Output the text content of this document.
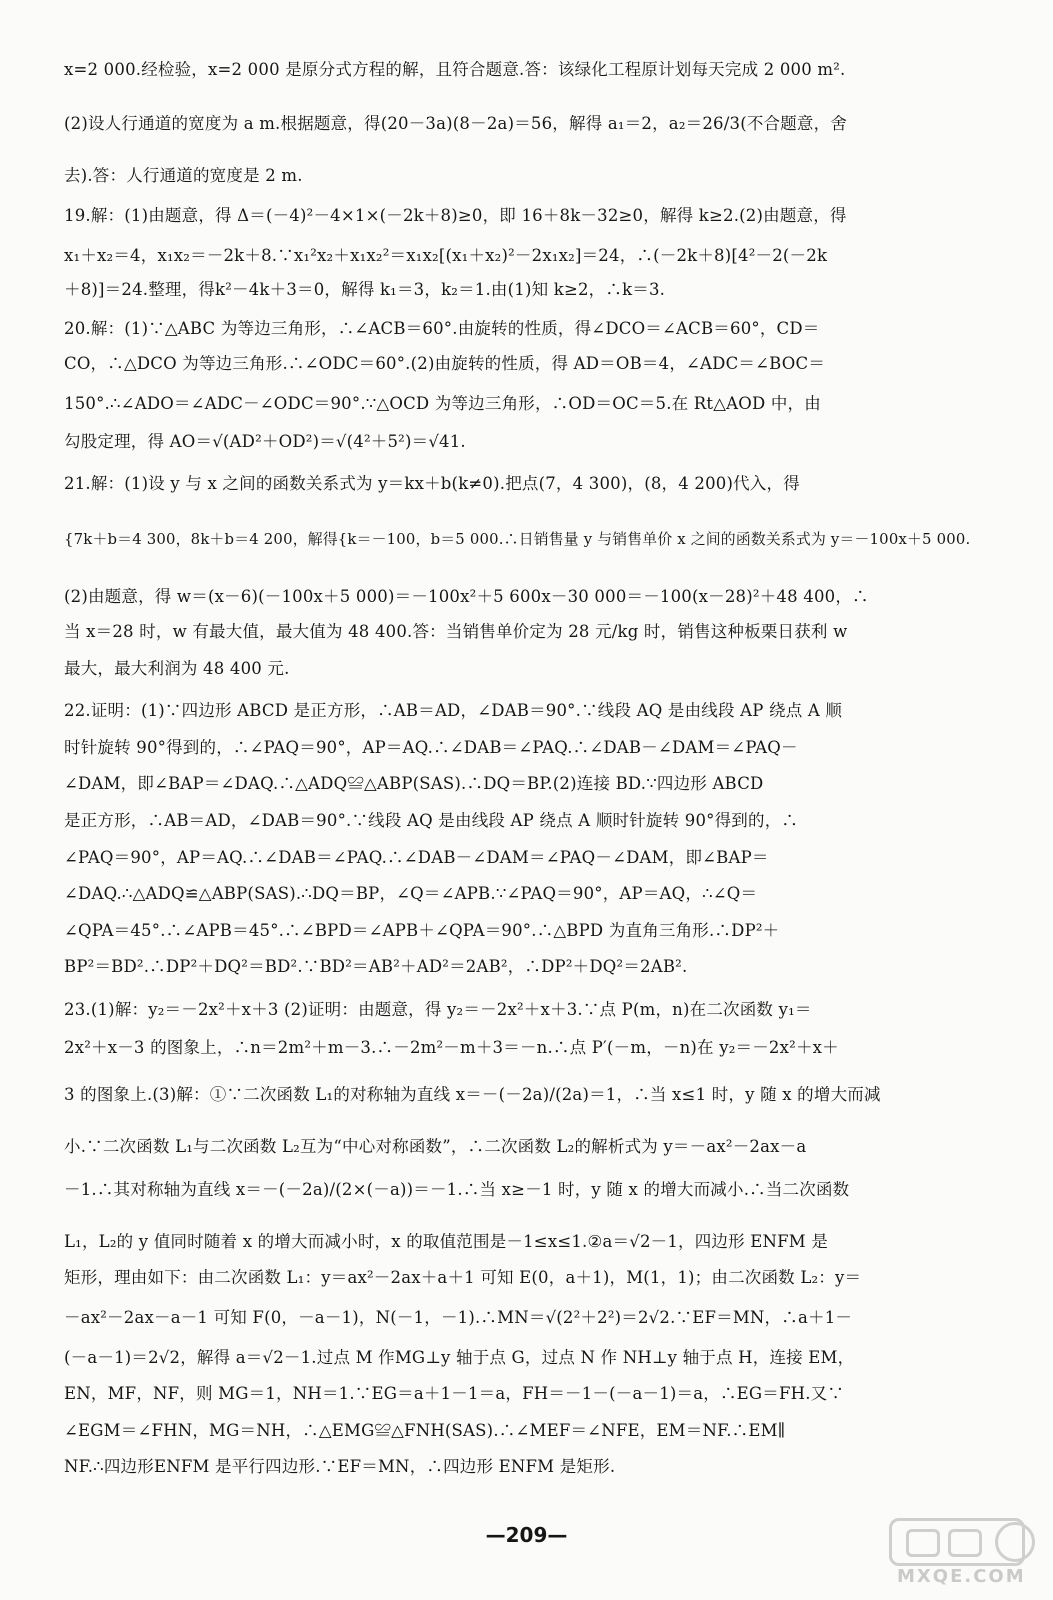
x=2 000.经检验，x=2 000 是原分式方程的解，且符合题意.答：该绿化工程原计划每天完成 2 000 m².
(2)设人行通道的宽度为 a m.根据题意，得(20－3a)(8－2a)＝56，解得 a₁＝2，a₂＝26/3(不合题意，舍
去).答：人行通道的宽度是 2 m.
19.解：(1)由题意，得 Δ＝(－4)²－4×1×(－2k＋8)≥0，即 16＋8k－32≥0，解得 k≥2.(2)由题意，得
x₁＋x₂＝4，x₁x₂＝－2k＋8.∵x₁²x₂＋x₁x₂²＝x₁x₂[(x₁＋x₂)²－2x₁x₂]＝24，∴(－2k＋8)[4²－2(－2k
＋8)]＝24.整理，得k²－4k＋3＝0，解得 k₁＝3，k₂＝1.由(1)知 k≥2，∴k＝3.
20.解：(1)∵△ABC 为等边三角形，∴∠ACB＝60°.由旋转的性质，得∠DCO＝∠ACB＝60°，CD＝
CO，∴△DCO 为等边三角形.∴∠ODC＝60°.(2)由旋转的性质，得 AD＝OB＝4，∠ADC＝∠BOC＝
150°.∴∠ADO＝∠ADC－∠ODC＝90°.∵△OCD 为等边三角形，∴OD＝OC＝5.在 Rt△AOD 中，由
勾股定理，得 AO＝√(AD²＋OD²)＝√(4²＋5²)＝√41.
21.解：(1)设 y 与 x 之间的函数关系式为 y＝kx＋b(k≠0).把点(7，4 300)，(8，4 200)代入，得
{7k＋b＝4 300，8k＋b＝4 200，解得{k＝－100，b＝5 000.∴日销售量 y 与销售单价 x 之间的函数关系式为 y＝－100x＋5 000.
(2)由题意，得 w＝(x－6)(－100x＋5 000)＝－100x²＋5 600x－30 000＝－100(x－28)²＋48 400，∴
当 x＝28 时，w 有最大值，最大值为 48 400.答：当销售单价定为 28 元/kg 时，销售这种板栗日获利 w
最大，最大利润为 48 400 元.
22.证明：(1)∵四边形 ABCD 是正方形，∴AB＝AD，∠DAB＝90°.∵线段 AQ 是由线段 AP 绕点 A 顺
时针旋转 90°得到的，∴∠PAQ＝90°，AP＝AQ.∴∠DAB＝∠PAQ.∴∠DAB－∠DAM＝∠PAQ－
∠DAM，即∠BAP＝∠DAQ.∴△ADQ≌△ABP(SAS).∴DQ＝BP.(2)连接 BD.∵四边形 ABCD
是正方形，∴AB＝AD，∠DAB＝90°.∵线段 AQ 是由线段 AP 绕点 A 顺时针旋转 90°得到的，∴
∠PAQ＝90°，AP＝AQ.∴∠DAB＝∠PAQ.∴∠DAB－∠DAM＝∠PAQ－∠DAM，即∠BAP＝
∠DAQ.∴△ADQ≌△ABP(SAS).∴DQ＝BP，∠Q＝∠APB.∵∠PAQ＝90°，AP＝AQ，∴∠Q＝
∠QPA＝45°.∴∠APB＝45°.∴∠BPD＝∠APB＋∠QPA＝90°.∴△BPD 为直角三角形.∴DP²＋
BP²＝BD².∴DP²＋DQ²＝BD².∵BD²＝AB²＋AD²＝2AB²，∴DP²＋DQ²＝2AB².
23.(1)解：y₂＝－2x²＋x＋3 (2)证明：由题意，得 y₂＝－2x²＋x＋3.∵点 P(m，n)在二次函数 y₁＝
2x²＋x－3 的图象上，∴n＝2m²＋m－3.∴－2m²－m＋3＝－n.∴点 P′(－m，－n)在 y₂＝－2x²＋x＋
3 的图象上.(3)解：①∵二次函数 L₁的对称轴为直线 x＝－(－2a)/(2a)＝1，∴当 x≤1 时，y 随 x 的增大而减
小.∵二次函数 L₁与二次函数 L₂互为“中心对称函数”，∴二次函数 L₂的解析式为 y＝－ax²－2ax－a
－1.∴其对称轴为直线 x＝－(－2a)/(2×(－a))＝－1.∴当 x≥－1 时，y 随 x 的增大而减小.∴当二次函数
L₁，L₂的 y 值同时随着 x 的增大而减小时，x 的取值范围是－1≤x≤1.②a＝√2－1，四边形 ENFM 是
矩形，理由如下：由二次函数 L₁：y＝ax²－2ax＋a＋1 可知 E(0，a＋1)，M(1，1)；由二次函数 L₂：y＝
－ax²－2ax－a－1 可知 F(0，－a－1)，N(－1，－1).∴MN＝√(2²＋2²)＝2√2.∵EF＝MN，∴a＋1－
(－a－1)＝2√2，解得 a＝√2－1.过点 M 作MG⊥y 轴于点 G，过点 N 作 NH⊥y 轴于点 H，连接 EM，
EN，MF，NF，则 MG＝1，NH＝1.∵EG＝a＋1－1＝a，FH＝－1－(－a－1)＝a，∴EG＝FH.又∵
∠EGM＝∠FHN，MG＝NH，∴△EMG≌△FNH(SAS).∴∠MEF＝∠NFE，EM＝NF.∴EM∥
NF.∴四边形ENFM 是平行四边形.∵EF＝MN，∴四边形 ENFM 是矩形.
—209—
MXQE.COM
